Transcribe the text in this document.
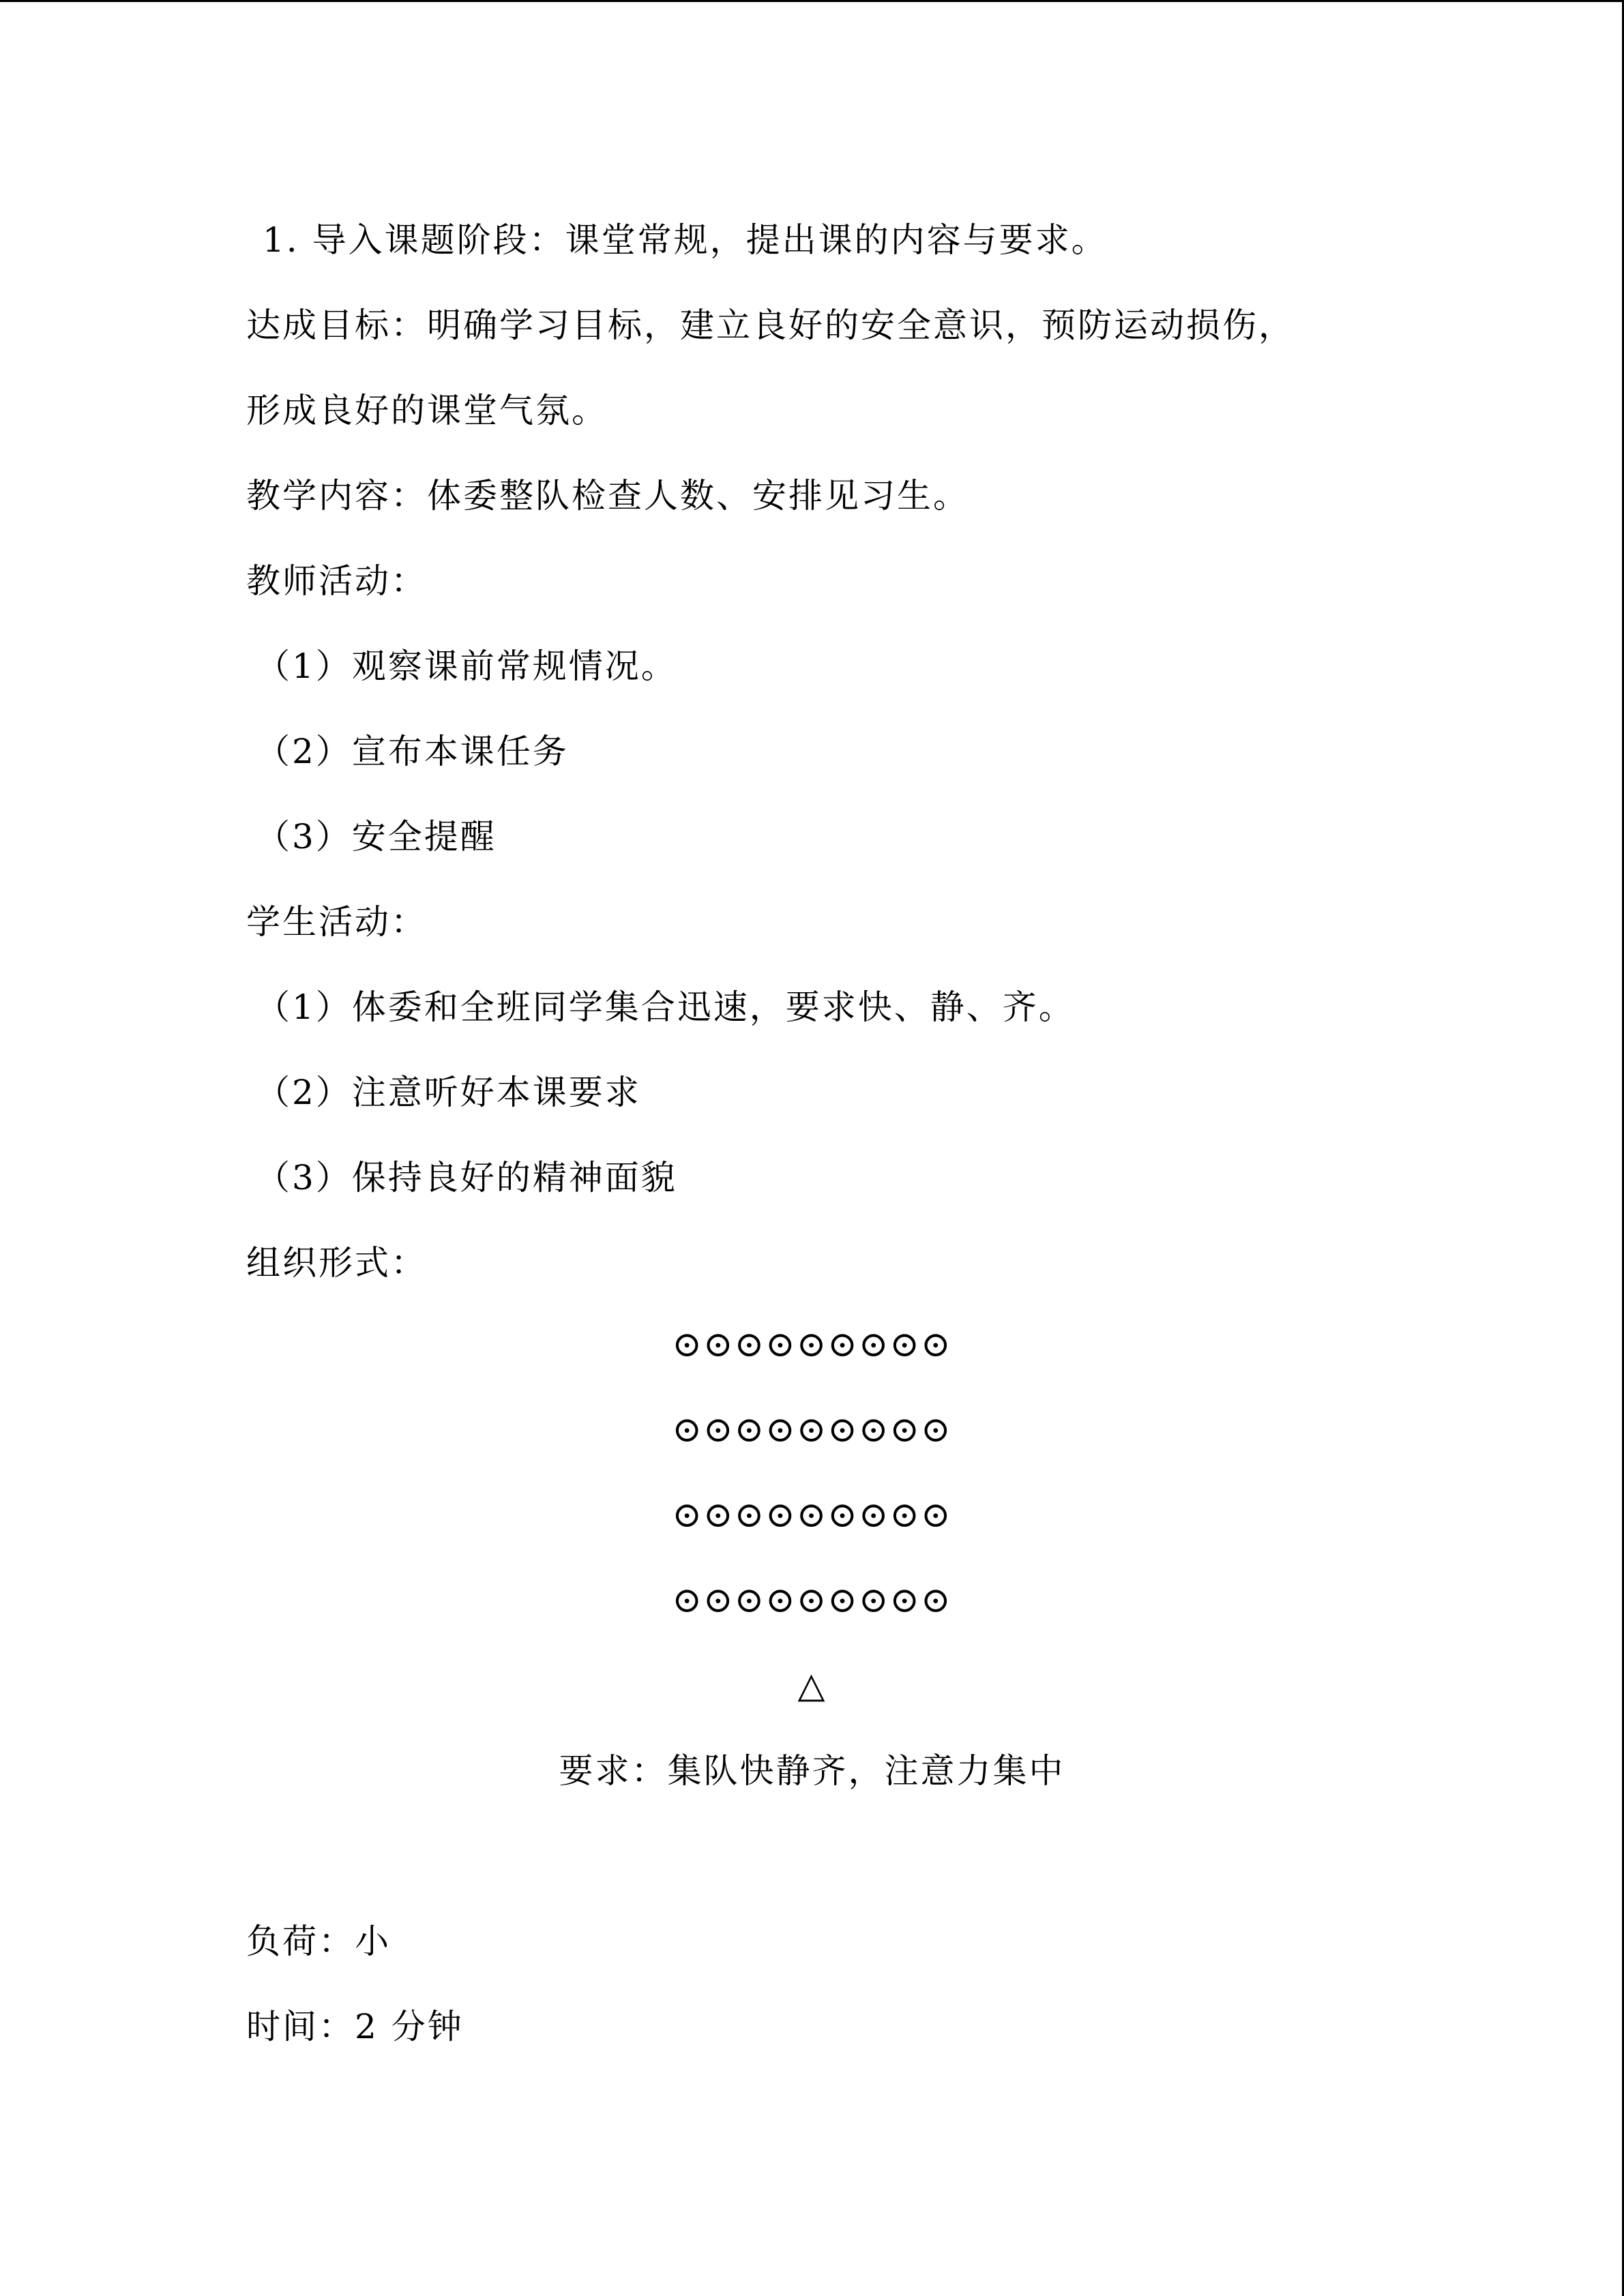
1. 导入课题阶段：课堂常规，提出课的内容与要求。
达成目标：明确学习目标，建立良好的安全意识，预防运动损伤，
形成良好的课堂气氛。
教学内容：体委整队检查人数、安排见习生。
教师活动：
（1）观察课前常规情况。
（2）宣布本课任务
（3）安全提醒
学生活动：
（1）体委和全班同学集合迅速，要求快、静、齐。
（2）注意听好本课要求
（3）保持良好的精神面貌
组织形式：
⊙⊙⊙⊙⊙⊙⊙⊙⊙
⊙⊙⊙⊙⊙⊙⊙⊙⊙
⊙⊙⊙⊙⊙⊙⊙⊙⊙
⊙⊙⊙⊙⊙⊙⊙⊙⊙
△
要求：集队快静齐，注意力集中
负荷：小
时间：2 分钟
